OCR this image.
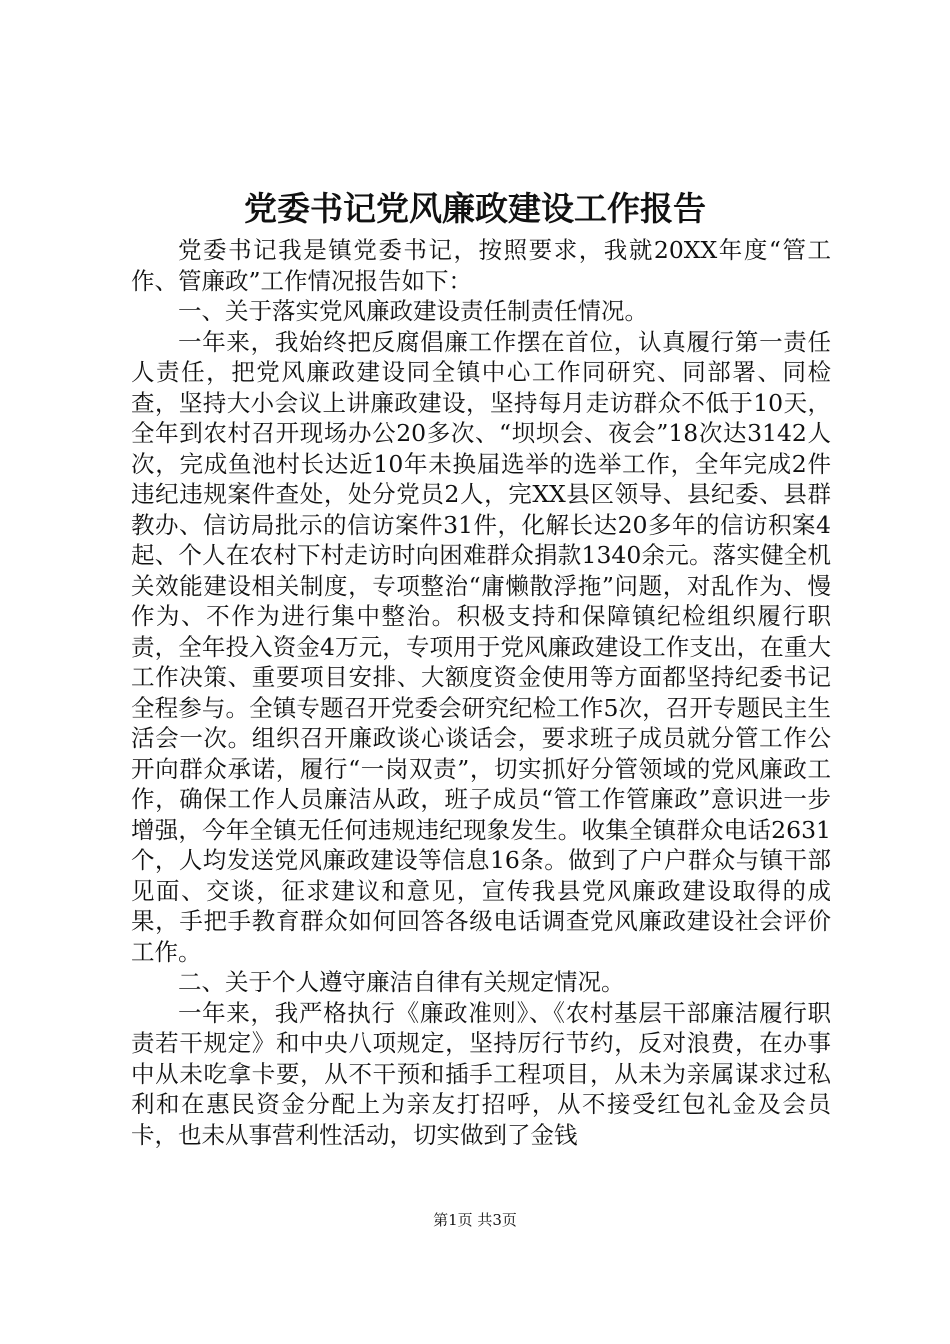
党委书记党风廉政建设工作报告

党委书记我是镇党委书记，按照要求，我就20XX年度“管工作、管廉政”工作情况报告如下：

一、关于落实党风廉政建设责任制责任情况。

一年来，我始终把反腐倡廉工作摆在首位，认真履行第一责任人责任，把党风廉政建设同全镇中心工作同研究、同部署、同检查，坚持大小会议上讲廉政建设，坚持每月走访群众不低于10天，全年到农村召开现场办公20多次、“坝坝会、夜会”18次达3142人次，完成鱼池村长达近10年未换届选举的选举工作，全年完成2件违纪违规案件查处，处分党员2人，完XX县区领导、县纪委、县群教办、信访局批示的信访案件31件，化解长达20多年的信访积案4起、个人在农村下村走访时向困难群众捐款1340余元。落实健全机关效能建设相关制度，专项整治“庸懒散浮拖”问题，对乱作为、慢作为、不作为进行集中整治。积极支持和保障镇纪检组织履行职责，全年投入资金4万元，专项用于党风廉政建设工作支出，在重大工作决策、重要项目安排、大额度资金使用等方面都坚持纪委书记全程参与。全镇专题召开党委会研究纪检工作5次，召开专题民主生活会一次。组织召开廉政谈心谈话会，要求班子成员就分管工作公开向群众承诺，履行“一岗双责”，切实抓好分管领域的党风廉政工作，确保工作人员廉洁从政，班子成员“管工作管廉政”意识进一步增强，今年全镇无任何违规违纪现象发生。收集全镇群众电话2631个，人均发送党风廉政建设等信息16条。做到了户户群众与镇干部见面、交谈，征求建议和意见，宣传我县党风廉政建设取得的成果，手把手教育群众如何回答各级电话调查党风廉政建设社会评价工作。

二、关于个人遵守廉洁自律有关规定情况。

一年来，我严格执行《廉政准则》、《农村基层干部廉洁履行职责若干规定》和中央八项规定，坚持厉行节约，反对浪费，在办事中从未吃拿卡要，从不干预和插手工程项目，从未为亲属谋求过私利和在惠民资金分配上为亲友打招呼，从不接受红包礼金及会员卡，也未从事营利性活动，切实做到了金钱

第1页 共3页
